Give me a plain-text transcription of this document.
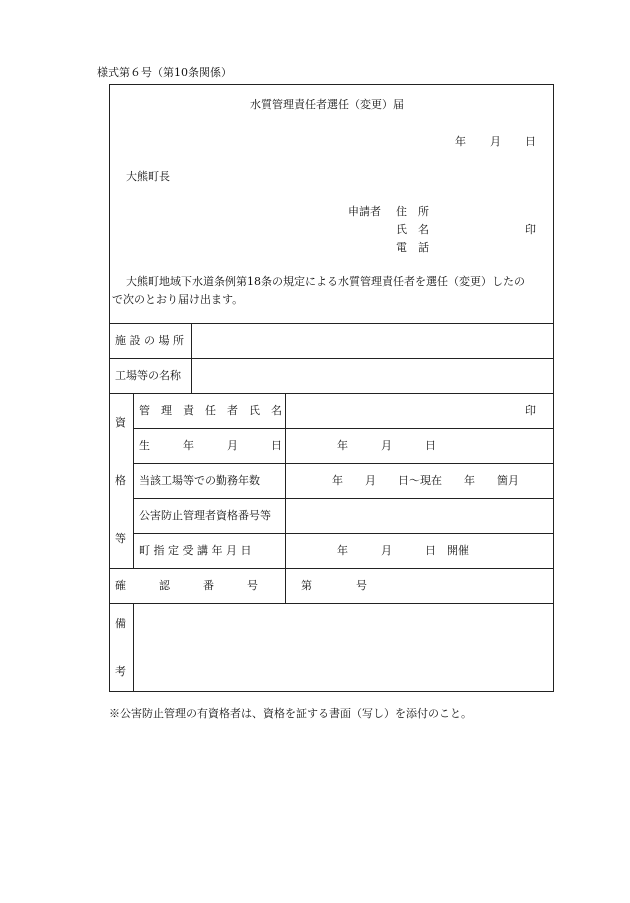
様式第６号（第10条関係）
水質管理責任者選任（変更）届
年 月 日
大熊町長
申請者 住　所
氏　名	印
電　話
大熊町地域下水道条例第18条の規定による水質管理責任者を選任（変更）したの
で次のとおり届け出ます。
施 設 の 場 所
工場等の名称
資
格
等
管　理　責　任　者　氏　名	印
生　　　年　　　月　　　日	年　　　月　　　日
当該工場等での勤務年数	年　　月　　日～現在　　年　　箇月
公害防止管理者資格番号等
町 指 定 受 講 年 月 日	年　　　月　　　日　開催
確　　　認　　　番　　　号	第　　　　号
備
考
※公害防止管理の有資格者は、資格を証する書面（写し）を添付のこと。
